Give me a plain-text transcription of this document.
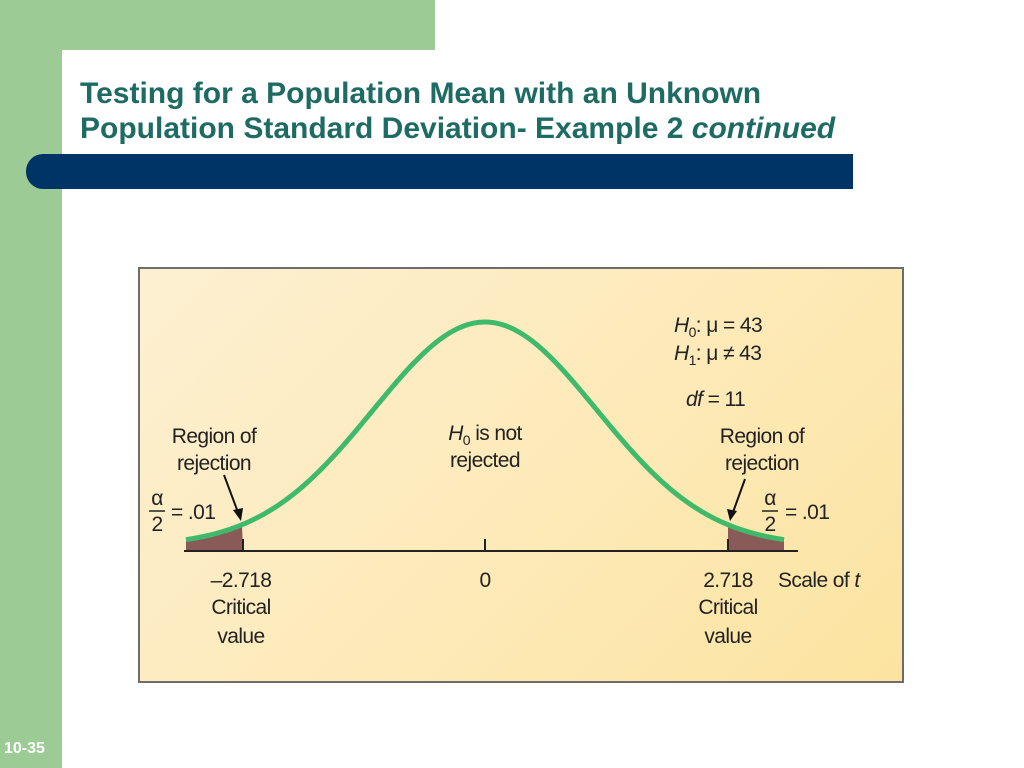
Testing for a Population Mean with an Unknown
Population Standard Deviation- Example 2 continued
$H_0$: μ = 43
$H_1$: μ ≠ 43
df = 11
Region of
rejection
$H_0$ is not
rejected
Region of
rejection
α
2
= .01
α
2
= .01
–2.718
Critical
value
0	2.718
Critical
value
Scale of t
10-35
